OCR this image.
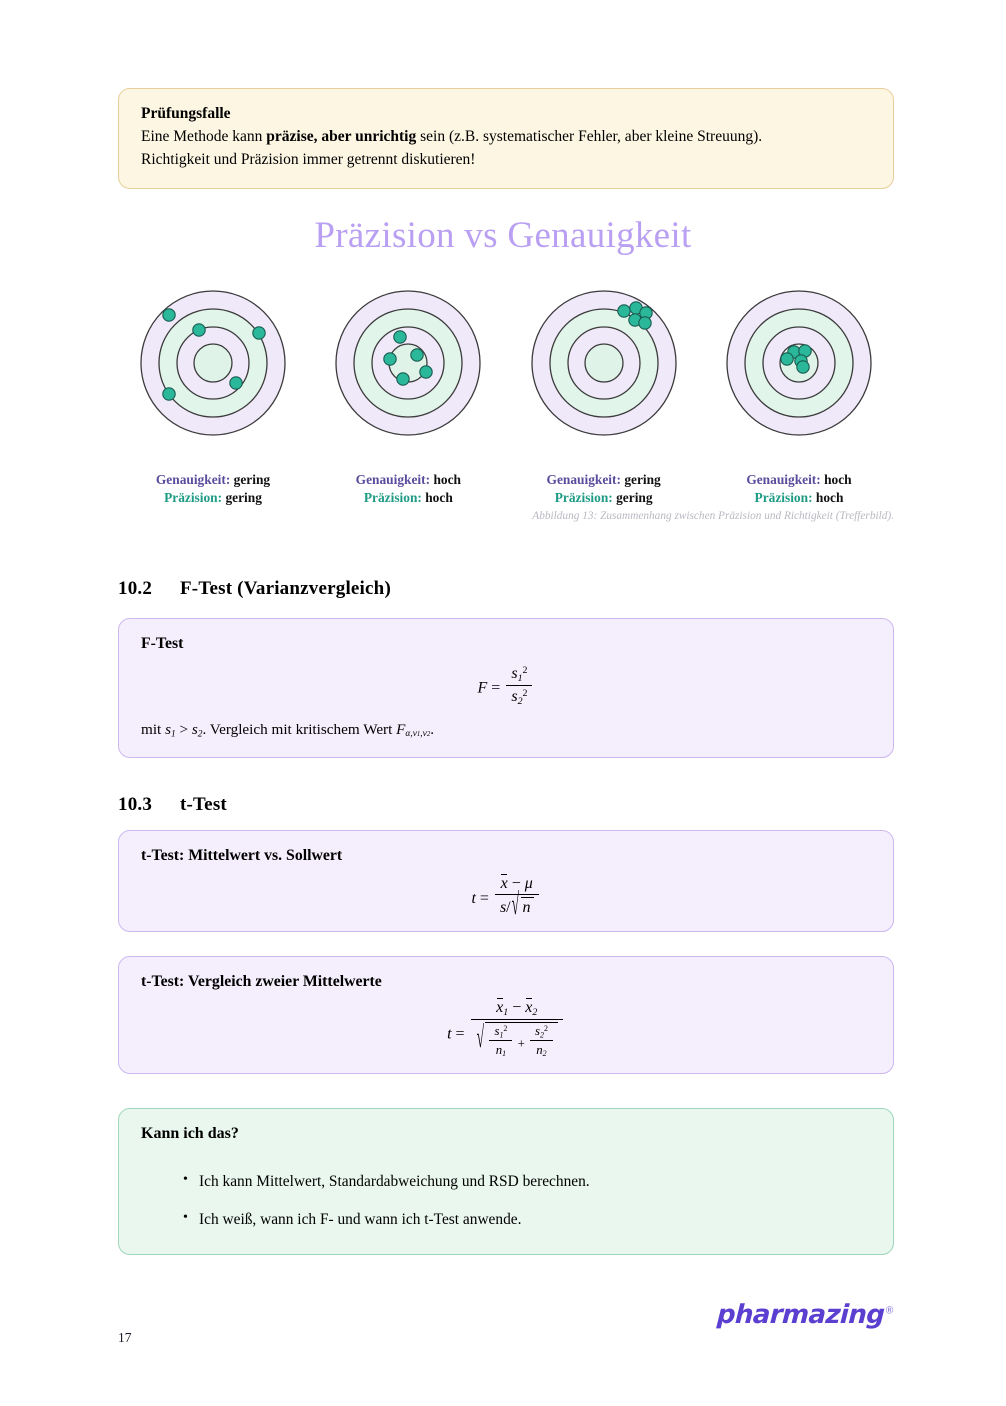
Prüfungsfalle
Eine Methode kann präzise, aber unrichtig sein (z.B. systematischer Fehler, aber kleine Streuung).
Richtigkeit und Präzision immer getrennt diskutieren!
Präzision vs Genauigkeit
Genauigkeit: gering
Präzision: gering
Genauigkeit: hoch
Präzision: hoch
Genauigkeit: gering
Präzision: gering
Genauigkeit: hoch
Präzision: hoch
Abbildung 13: Zusammenhang zwischen Präzision und Richtigkeit (Trefferbild).
10.2 F-Test (Varianzvergleich)
F-Test
$F = \frac{s_1^2}{s_2^2}$
mit $s_1 > s_2$. Vergleich mit kritischem Wert $F_{\alpha,\nu 1,\nu 2}$.
10.3 t-Test
t-Test: Mittelwert vs. Sollwert
$t = \frac{x - \mu}{s/ √ n}$
t-Test: Vergleich zweier Mittelwerte
$t = x_1 - x_2$
√ $\frac{s_1^2}{n_1} + \frac{s_2^2}{n_2}$
Kann ich das?
• Ich kann Mittelwert, Standardabweichung und RSD berechnen.
• Ich weiß, wann ich F- und wann ich t-Test anwende.
17
pharmazing®
